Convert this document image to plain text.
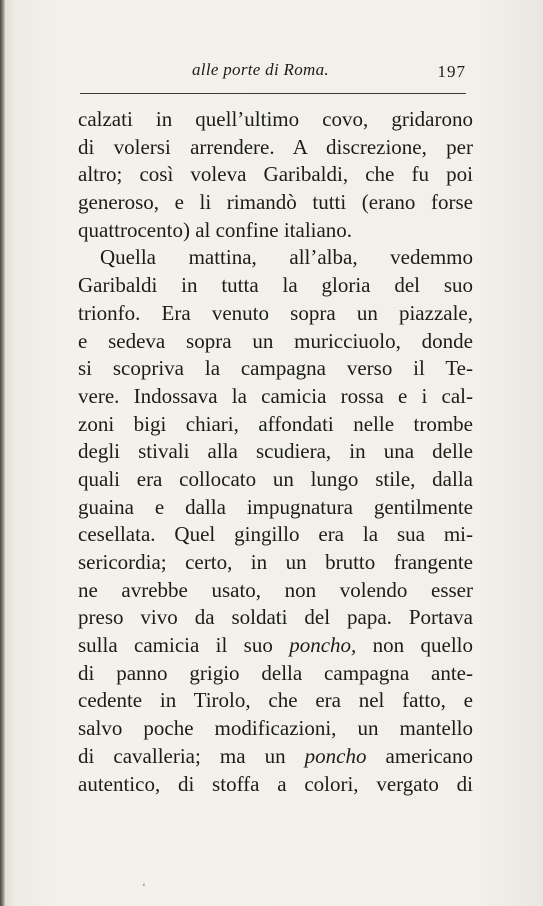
alle porte di Roma.	197
calzati in quell’ultimo covo, gridarono
di volersi arrendere. A discrezione, per
altro; così voleva Garibaldi, che fu poi
generoso, e li rimandò tutti (erano forse
quattrocento) al confine italiano.
Quella mattina, all’alba, vedemmo
Garibaldi in tutta la gloria del suo
trionfo. Era venuto sopra un piazzale,
e sedeva sopra un muricciuolo, donde
si scopriva la campagna verso il Te-
vere. Indossava la camicia rossa e i cal-
zoni bigi chiari, affondati nelle trombe
degli stivali alla scudiera, in una delle
quali era collocato un lungo stile, dalla
guaina e dalla impugnatura gentilmente
cesellata. Quel gingillo era la sua mi-
sericordia; certo, in un brutto frangente
ne avrebbe usato, non volendo esser
preso vivo da soldati del papa. Portava
sulla camicia il suo poncho, non quello
di panno grigio della campagna ante-
cedente in Tirolo, che era nel fatto, e
salvo poche modificazioni, un mantello
di cavalleria; ma un poncho americano
autentico, di stoffa a colori, vergato di
ʻ
